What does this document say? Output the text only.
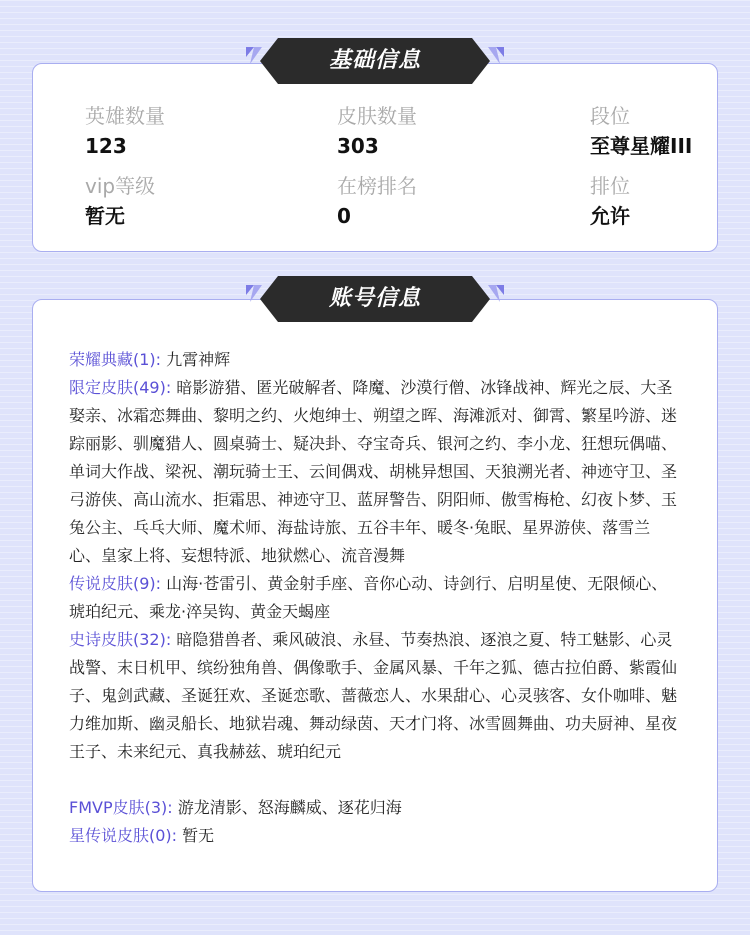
英雄数量
123
皮肤数量
303
段位
至尊星耀III
vip等级
暂无
在榜排名
0
排位
允许
基础信息
荣耀典藏(1): 九霄神辉
限定皮肤(49): 暗影游猎、匿光破解者、降魔、沙漠行僧、冰锋战神、辉光之辰、大圣娶亲、冰霜恋舞曲、黎明之约、火炮绅士、朔望之晖、海滩派对、御霄、繁星吟游、迷踪丽影、驯魔猎人、圆桌骑士、疑决卦、夺宝奇兵、银河之约、李小龙、狂想玩偶喵、单词大作战、梁祝、潮玩骑士王、云间偶戏、胡桃异想国、天狼溯光者、神迹守卫、圣弓游侠、高山流水、拒霜思、神迹守卫、蓝屏警告、阴阳师、傲雪梅枪、幻夜卜梦、玉兔公主、乓乓大师、魔术师、海盐诗旅、五谷丰年、暖冬·兔眠、星界游侠、落雪兰心、皇家上将、妄想特派、地狱燃心、流音漫舞
传说皮肤(9): 山海·苍雷引、黄金射手座、音你心动、诗剑行、启明星使、无限倾心、琥珀纪元、乘龙·淬吴钩、黄金天蝎座
史诗皮肤(32): 暗隐猎兽者、乘风破浪、永昼、节奏热浪、逐浪之夏、特工魅影、心灵战警、末日机甲、缤纷独角兽、偶像歌手、金属风暴、千年之狐、德古拉伯爵、紫霞仙子、鬼剑武藏、圣诞狂欢、圣诞恋歌、蔷薇恋人、水果甜心、心灵骇客、女仆咖啡、魅力维加斯、幽灵船长、地狱岩魂、舞动绿茵、天才门将、冰雪圆舞曲、功夫厨神、星夜王子、未来纪元、真我赫兹、琥珀纪元
FMVP皮肤(3): 游龙清影、怒海麟威、逐花归海
星传说皮肤(0): 暂无
账号信息
